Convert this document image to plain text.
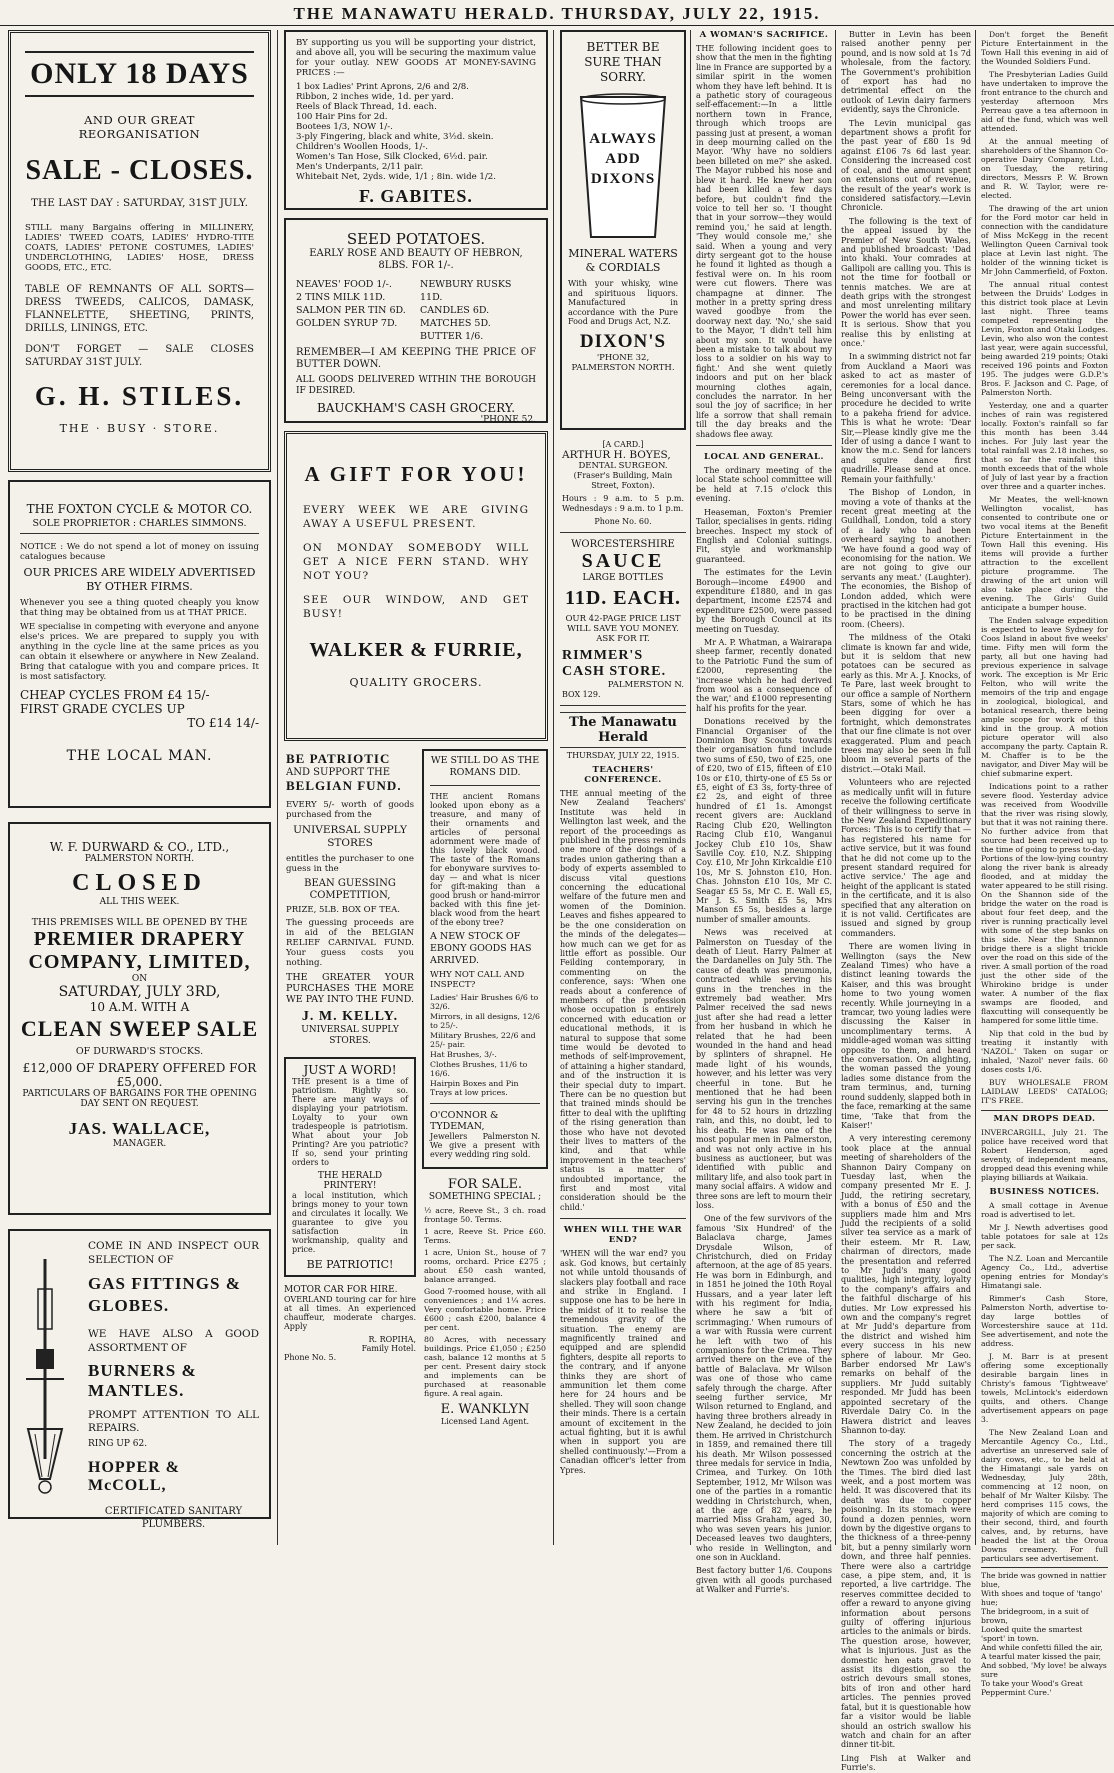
THE MANAWATU HERALD. THURSDAY, JULY 22, 1915.
ONLY 18 DAYS
AND OUR GREAT REORGANISATION
SALE - CLOSES.
THE LAST DAY : SATURDAY, 31ST JULY.

STILL many Bargains offering in MILLINERY, LADIES' TWEED COATS, LADIES' HYDRO-TITE COATS, LADIES' PETONE COSTUMES, LADIES' UNDERCLOTHING, LADIES' HOSE, DRESS GOODS, ETC., ETC.

TABLE OF REMNANTS OF ALL SORTS—DRESS TWEEDS, CALICOS, DAMASK, FLANNELETTE, SHEETING, PRINTS, DRILLS, LININGS, ETC.

DON'T FORGET — SALE CLOSES SATURDAY 31ST JULY.

G. H. STILES.
THE · BUSY · STORE.
THE FOXTON CYCLE & MOTOR CO.
SOLE PROPRIETOR : CHARLES SIMMONS.

NOTICE : We do not spend a lot of money on issuing catalogues because

OUR PRICES ARE WIDELY ADVERTISED BY OTHER FIRMS.

Whenever you see a thing quoted cheaply you know that thing may be obtained from us at THAT PRICE.

WE specialise in competing with everyone and anyone else's prices. We are prepared to supply you with anything in the cycle line at the same prices as you can obtain it elsewhere or anywhere in New Zealand. Bring that catalogue with you and compare prices. It is most satisfactory.

CHEAP CYCLES FROM £4 15/-
FIRST GRADE CYCLES UP
TO £14 14/-
THE LOCAL MAN.
W. F. DURWARD & CO., LTD.,
PALMERSTON NORTH.
CLOSED
ALL THIS WEEK.
THIS PREMISES WILL BE OPENED BY THE
PREMIER DRAPERY COMPANY, LIMITED,
ON
SATURDAY, JULY 3RD,
10 A.M. WITH A
CLEAN SWEEP SALE
OF DURWARD'S STOCKS.
£12,000 OF DRAPERY OFFERED FOR £5,000.
PARTICULARS OF BARGAINS FOR THE OPENING DAY SENT ON REQUEST.
JAS. WALLACE,
MANAGER.

COME IN AND INSPECT OUR SELECTION OF

GAS FITTINGS & GLOBES.

WE HAVE ALSO A GOOD ASSORTMENT OF

BURNERS & MANTLES.

PROMPT ATTENTION TO ALL REPAIRS.

RING UP 62.
HOPPER & McCOLL,

CERTIFICATED SANITARY PLUMBERS.

BY supporting us you will be supporting your district, and above all, you will be securing the maximum value for your outlay. NEW GOODS AT MONEY-SAVING PRICES :—

1 box Ladies' Print Aprons, 2/6 and 2/8.
Ribbon, 2 inches wide, 1d. per yard.
Reels of Black Thread, 1d. each.
100 Hair Pins for 2d.
Bootees 1/3, NOW 1/-.
3-ply Fingering, black and white, 3½d. skein.
Children's Woollen Hoods, 1/-.
Women's Tan Hose, Silk Clocked, 6½d. pair.
Men's Underpants, 2/11 pair.
Whitebait Net, 2yds. wide, 1/1 ; 8in. wide 1/2.
F. GABITES.
SEED POTATOES.
EARLY ROSE AND BEAUTY OF HEBRON, 8LBS. FOR 1/-.
NEAVES' FOOD 1/-.
2 TINS MILK 11D.
SALMON PER TIN 6D.
GOLDEN SYRUP 7D.
NEWBURY RUSKS 11D.
CANDLES 6D.
MATCHES 5D.
BUTTER 1/6.

REMEMBER—I AM KEEPING THE PRICE OF BUTTER DOWN.

ALL GOODS DELIVERED WITHIN THE BOROUGH IF DESIRED.

BAUCKHAM'S CASH GROCERY.
'PHONE 52.
A GIFT FOR YOU!

EVERY WEEK WE ARE GIVING AWAY A USEFUL PRESENT.

ON MONDAY SOMEBODY WILL GET A NICE FERN STAND. WHY NOT YOU?

SEE OUR WINDOW, AND GET BUSY!

WALKER & FURRIE,
QUALITY GROCERS.
BE PATRIOTIC
AND SUPPORT THE
BELGIAN FUND.

EVERY 5/- worth of goods purchased from the

UNIVERSAL SUPPLY STORES

entitles the purchaser to one guess in the

BEAN GUESSING COMPETITION,
PRIZE, 5LB. BOX OF TEA.

The guessing proceeds are in aid of the BELGIAN RELIEF CARNIVAL FUND. Your guess costs you nothing.

THE GREATER YOUR PURCHASES THE MORE WE PAY INTO THE FUND.

J. M. KELLY.
UNIVERSAL SUPPLY STORES.
JUST A WORD!

THE present is a time of patriotism. Rightly so. There are many ways of displaying your patriotism. Loyalty to your own tradespeople is patriotism. What about your Job Printing? Are you patriotic? If so, send your printing orders to

THE HERALD PRINTERY!

a local institution, which brings money to your town and circulates it locally. We guarantee to give you satisfaction in workmanship, quality and price.

BE PATRIOTIC!
MOTOR CAR FOR HIRE.

OVERLAND touring car for hire at all times. An experienced chauffeur, moderate charges. Apply

R. ROPIHA,
Family Hotel.
Phone No. 5.
WE STILL DO AS THE ROMANS DID.

THE ancient Romans looked upon ebony as a treasure, and many of their ornaments and articles of personal adornment were made of this lovely black wood. The taste of the Romans for ebonyware survives to-day — and what is nicer for gift-making than a good brush or hand-mirror backed with this fine jet-black wood from the heart of the ebony tree?

A NEW STOCK OF EBONY GOODS HAS ARRIVED.
WHY NOT CALL AND INSPECT?
Ladies' Hair Brushes 6/6 to 32/6.
Mirrors, in all designs, 12/6 to 25/-.
Military Brushes, 22/6 and 25/- pair.
Hat Brushes, 3/-.
Clothes Brushes, 11/6 to 16/6.
Hairpin Boxes and Pin Trays at low prices.
O'CONNOR & TYDEMAN,
Jewellers Palmerston N.

We give a present with every wedding ring sold.

FOR SALE.
SOMETHING SPECIAL ;
½ acre, Reeve St., 3 ch. road frontage 50. Terms.
1 acre, Reeve St. Price £60. Terms.
1 acre, Union St., house of 7 rooms, orchard. Price £275 ; about £50 cash wanted, balance arranged.
Good 7-roomed house, with all conveniences ; and 1¼ acres. Very comfortable home. Price £600 ; cash £200, balance 4 per cent.
80 Acres, with necessary buildings. Price £1,050 ; £250 cash, balance 12 months at 5 per cent. Present dairy stock and implements can be purchased at reasonable figure. A real again.
E. WANKLYN
Licensed Land Agent.
BETTER BE SURE THAN SORRY.
ALWAYS ADD DIXONS
MINERAL WATERS & CORDIALS

With your whisky, wine and spirituous liquors. Manufactured in accordance with the Pure Food and Drugs Act, N.Z.

DIXON'S
'PHONE 32,
PALMERSTON NORTH.
[A CARD.]
ARTHUR H. BOYES,
DENTAL SURGEON.

(Fraser's Building, Main Street, Foxton).

Hours : 9 a.m. to 5 p.m. Wednesdays : 9 a.m. to 1 p.m.

Phone No. 60.
WORCESTERSHIRE
SAUCE
LARGE BOTTLES
11D. EACH.

OUR 42-PAGE PRICE LIST WILL SAVE YOU MONEY. ASK FOR IT.

RIMMER'S CASH STORE.
PALMERSTON N.
BOX 129.
The Manawatu Herald
THURSDAY, JULY 22, 1915.
TEACHERS' CONFERENCE.

THE annual meeting of the New Zealand Teachers' Institute was held in Wellington last week, and the report of the proceedings as published in the press reminds one more of the doings of a trades union gathering than a body of experts assembled to discuss vital questions concerning the educational welfare of the future men and women of the Dominion. Leaves and fishes appeared to be the one consideration on the minds of the delegates—how much can we get for as little effort as possible. Our Feilding contemporary, in commenting on the conference, says: 'When one reads about a conference of members of the profession whose occupation is entirely concerned with education or educational methods, it is natural to suppose that some time would be devoted to methods of self-improvement, of attaining a higher standard, and of the instruction it is their special duty to impart. There can be no question but that trained minds should be fitter to deal with the uplifting of the rising generation than those who have not devoted their lives to matters of the kind, and that while improvement in the teachers' status is a matter of undoubted importance, the first and most vital consideration should be the child.'

WHEN WILL THE WAR END?

'WHEN will the war end? you ask. God knows, but certainly not while untold thousands of slackers play football and race and strike in England. I suppose one has to be here in the midst of it to realise the tremendous gravity of the situation. The enemy are magnificently trained and equipped and are splendid fighters, despite all reports to the contrary, and if anyone thinks they are short of ammunition let them come here for 24 hours and be shelled. They will soon change their minds. There is a certain amount of excitement in the actual fighting, but it is awful when in support you are shelled continuously.'—From a Canadian officer's letter from Ypres.

A WOMAN'S SACRIFICE.

THE following incident goes to show that the men in the fighting line in France are supported by a similar spirit in the women whom they have left behind. It is a pathetic story of courageous self-effacement:—In a little northern town in France, through which troops are passing just at present, a woman in deep mourning called on the Mayor. 'Why have no soldiers been billeted on me?' she asked. The Mayor rubbed his nose and blew it hard. He knew her son had been killed a few days before, but couldn't find the voice to tell her so. 'I thought that in your sorrow—they would remind you,' he said at length. 'They would console me,' she said. When a young and very dirty sergeant got to the house he found it lighted as though a festival were on. In his room were cut flowers. There was champagne at dinner. The mother in a pretty spring dress waved goodbye from the doorway next day. 'No,' she said to the Mayor, 'I didn't tell him about my son. It would have been a mistake to talk about my loss to a soldier on his way to fight.' And she went quietly indoors and put on her black mourning clothes again, concludes the narrator. In her soul the joy of sacrifice; in her life a sorrow that shall remain till the day breaks and the shadows flee away.

LOCAL AND GENERAL.

The ordinary meeting of the local State school committee will be held at 7.15 o'clock this evening.

Heaseman, Foxton's Premier Tailor, specialises in gents. riding breeches. Inspect my stock of English and Colonial suitings. Fit, style and workmanship guaranteed.

The estimates for the Levin Borough—income £4900 and expenditure £1880, and in gas department, income £2574 and expenditure £2500, were passed by the Borough Council at its meeting on Tuesday.

Mr A. P. Whatman, a Wairarapa sheep farmer, recently donated to the Patriotic Fund the sum of £2000, representing the 'increase which he had derived from wool as a consequence of the war,' and £1000 representing half his profits for the year.

Donations received by the Financial Organiser of the Dominion Boy Scouts towards their organisation fund include two sums of £50, two of £25, one of £20, two of £15, fifteen of £10 10s or £10, thirty-one of £5 5s or £5, eight of £3 3s, forty-three of £2 2s, and eight of three hundred of £1 1s. Amongst recent givers are: Auckland Racing Club £20, Wellington Racing Club £10, Wanganui Jockey Club £10 10s, Shaw Saville Coy. £10, N.Z. Shipping Coy. £10, Mr John Kirkcaldie £10 10s, Mr S. Johnston £10, Hon. Chas. Johnston £10 10s, Mr C. Seagar £5 5s, Mr C. E. Wall £5, Mr J. S. Smith £5 5s, Mrs Manson £5 5s, besides a large number of smaller amounts.

News was received at Palmerston on Tuesday of the death of Lieut. Harry Palmer at the Dardanelles on July 5th. The cause of death was pneumonia, contracted while serving his guns in the trenches in the extremely bad weather. Mrs Palmer received the sad news just after she had read a letter from her husband in which he related that he had been wounded in the hand and head by splinters of shrapnel. He made light of his wounds, however, and his letter was very cheerful in tone. But he mentioned that he had been serving his gun in the trenches for 48 to 52 hours in drizzling rain, and this, no doubt, led to his death. He was one of the most popular men in Palmerston, and was not only active in his business as auctioneer, but was identified with public and military life, and also took part in many social affairs. A widow and three sons are left to mourn their loss.

One of the few survivors of the famous 'Six Hundred' of the Balaclava charge, James Drysdale Wilson, of Christchurch, died on Friday afternoon, at the age of 85 years. He was born in Edinburgh, and in 1851 he joined the 10th Royal Hussars, and a year later left with his regiment for India, where he saw a 'bit of scrimmaging.' When rumours of a war with Russia were current he left with two of his companions for the Crimea. They arrived there on the eve of the battle of Balaclava. Mr Wilson was one of those who came safely through the charge. After seeing further service, Mr Wilson returned to England, and having three brothers already in New Zealand, he decided to join them. He arrived in Christchurch in 1859, and remained there till his death. Mr Wilson possessed three medals for service in India, Crimea, and Turkey. On 10th September, 1912, Mr Wilson was one of the parties in a romantic wedding in Christchurch, when, at the age of 82 years, he married Miss Graham, aged 30, who was seven years his junior. Deceased leaves two daughters, who reside in Wellington, and one son in Auckland.

Best factory butter 1/6. Coupons given with all goods purchased at Walker and Furrie's.

Butter in Levin has been raised another penny per pound, and is now sold at 1s 7d wholesale, from the factory. The Government's prohibition of export has had no detrimental effect on the outlook of Levin dairy farmers evidently, says the Chronicle.

The Levin municipal gas department shows a profit for the past year of £80 1s 9d against £106 7s 6d last year. Considering the increased cost of coal, and the amount spent on extensions out of revenue, the result of the year's work is considered satisfactory.—Levin Chronicle.

The following is the text of the appeal issued by the Premier of New South Wales, and published broadcast: 'Dad into khaki. Your comrades at Gallipoli are calling you. This is not the time for football or tennis matches. We are at death grips with the strongest and most unrelenting military Power the world has ever seen. It is serious. Show that you realise this by enlisting at once.'

In a swimming district not far from Auckland a Maori was asked to act as master of ceremonies for a local dance. Being unconversant with the procedure he decided to write to a pakeha friend for advice. This is what he wrote: 'Dear Sir,—Please kindly give me the Ider of using a dance I want to know the m.c. Send for lancers and squire dance first quadrille. Please send at once. Remain your faithfully.'

The Bishop of London, in moving a vote of thanks at the recent great meeting at the Guildhall, London, told a story of a lady who had been overheard saying to another: 'We have found a good way of economising for the nation. We are not going to give our servants any meat.' (Laughter). The economies, the Bishop of London added, which were practised in the kitchen had got to be practised in the dining room. (Cheers).

The mildness of the Otaki climate is known far and wide, but it is seldom that new potatoes can be secured as early as this. Mr A. J. Knocks, of Te Pare, last week brought to our office a sample of Northern Stars, some of which he has been digging for over a fortnight, which demonstrates that our fine climate is not over exaggerated. Plum and peach trees may also be seen in full bloom in several parts of the district.—Otaki Mail.

Volunteers who are rejected as medically unfit will in future receive the following certificate of their willingness to serve in the New Zealand Expeditionary Forces: 'This is to certify that — has registered his name for active service, but it was found that he did not come up to the present standard required for active service.' The age and height of the applicant is stated in the certificate, and it is also specified that any alteration on it is not valid. Certificates are issued and signed by group commanders.

There are women living in Wellington (says the New Zealand Times) who have a distinct leaning towards the Kaiser, and this was brought home to two young women recently. While journeying in a tramcar, two young ladies were discussing the Kaiser in uncomplimentary terms. A middle-aged woman was sitting opposite to them, and heard the conversation. On alighting, the woman passed the young ladies some distance from the tram terminus, and, turning round suddenly, slapped both in the face, remarking at the same time, 'Take that from the Kaiser!'

A very interesting ceremony took place at the annual meeting of shareholders of the Shannon Dairy Company on Tuesday last, when the company presented Mr E. J. Judd, the retiring secretary, with a bonus of £50 and the suppliers made him and Mrs Judd the recipients of a solid silver tea service as a mark of their esteem. Mr R. Law, chairman of directors, made the presentation and referred to Mr Judd's many good qualities, high integrity, loyalty to the company's affairs and the faithful discharge of his duties. Mr Low expressed his own and the company's regret at Mr Judd's departure from the district and wished him every success in his new sphere of labour. Mr Geo. Barber endorsed Mr Law's remarks on behalf of the suppliers. Mr Judd suitably responded. Mr Judd has been appointed secretary of the Riverdale Dairy Co. in the Hawera district and leaves Shannon to-day.

The story of a tragedy concerning the ostrich at the Newtown Zoo was unfolded by the Times. The bird died last week, and a post mortem was held. It was discovered that its death was due to copper poisoning. In its stomach were found a dozen pennies, worn down by the digestive organs to the thickness of a three-penny bit, but a penny similarly worn down, and three half pennies. There were also a cartridge case, a pipe stem, and, it is reported, a live cartridge. The reserves committee decided to offer a reward to anyone giving information about persons guilty of offering injurious articles to the animals or birds. The question arose, however, what is injurious. Just as the domestic hen eats gravel to assist its digestion, so the ostrich devours small stones, bits of iron and other hard articles. The pennies proved fatal, but it is questionable how far a visitor would be liable should an ostrich swallow his watch and chain for an after dinner tit-bit.

Ling Fish at Walker and Furrie's.

Don't forget the Benefit Picture Entertainment in the Town Hall this evening in aid of the Wounded Soldiers Fund.

The Presbyterian Ladies Guild have undertaken to improve the front entrance to the church and yesterday afternoon Mrs Perreau gave a tea afternoon in aid of the fund, which was well attended.

At the annual meeting of shareholders of the Shannon Co-operative Dairy Company, Ltd., on Tuesday, the retiring directors, Messrs P. W. Brown and R. W. Taylor, were re-elected.

The drawing of the art union for the Ford motor car held in connection with the candidature of Miss McKegg in the recent Wellington Queen Carnival took place at Levin last night. The holder of the winning ticket is Mr John Cammerfield, of Foxton.

The annual ritual contest between the Druids' Lodges in this district took place at Levin last night. Three teams competed representing the Levin, Foxton and Otaki Lodges. Levin, who also won the contest last year, were again successful, being awarded 219 points; Otaki received 196 points and Foxton 195. The judges were G.D.P.'s Bros. F. Jackson and C. Page, of Palmerston North.

Yesterday, one and a quarter inches of rain was registered locally. Foxton's rainfall so far this month has been 3.44 inches. For July last year the total rainfall was 2.18 inches, so that so far the rainfall this month exceeds that of the whole of July of last year by a fraction over three and a quarter inches.

Mr Meates, the well-known Wellington vocalist, has consented to contribute one or two vocal items at the Benefit Picture Entertainment in the Town Hall this evening. His items will provide a further attraction to the excellent picture programme. The drawing of the art union will also take place during the evening. The Girls' Guild anticipate a bumper house.

The Enden salvage expedition is expected to leave Sydney for Coos Island in about five weeks' time. Fifty men will form the party, all but one having had previous experience in salvage work. The exception is Mr Eric Felton, who will write the memoirs of the trip and engage in zoological, biological, and botanical research, there being ample scope for work of this kind in the group. A motion picture operator will also accompany the party. Captain R. M. Chaffer is to be the navigator, and Diver May will be chief submarine expert.

Indications point to a rather severe flood. Yesterday advice was received from Woodville that the river was rising slowly, but that it was not raining there. No further advice from that source had been received up to the time of going to press to-day. Portions of the low-lying country along the river bank is already flooded, and at midday the water appeared to be still rising. On the Shannon side of the bridge the water on the road is about four feet deep, and the river is running practically level with some of the step banks on this side. Near the Shannon bridge there is a slight trickle over the road on this side of the river. A small portion of the road just the other side of the Whirokino bridge is under water. A number of the flax swamps are flooded, and flaxcutting will consequently be hampered for some little time.

Nip that cold in the bud by treating it instantly with 'NAZOL.' Taken on sugar or inhaled, 'Nazol' never fails. 60 doses costs 1/6.

BUY WHOLESALE FROM LAIDLAW LEEDS' CATALOG; IT'S FREE.

MAN DROPS DEAD.

INVERCARGILL, July 21. The police have received word that Robert Henderson, aged seventy, of independent means, dropped dead this evening while playing billiards at Waikaia.

BUSINESS NOTICES.

A small cottage in Avenue road is advertised to let.

Mr J. Newth advertises good table potatoes for sale at 12s per sack.

The N.Z. Loan and Mercantile Agency Co., Ltd., advertise opening entries for Monday's Himatangi sale.

Rimmer's Cash Store, Palmerston North, advertise to-day large bottles of Worcestershire sauce at 11d. See advertisement, and note the address.

J. M. Barr is at present offering some exceptionally desirable bargain lines in Christy's famous 'Tightweave' towels, McLintock's eiderdown quilts, and others. Change advertisement appears on page 3.

The New Zealand Loan and Mercantile Agency Co., Ltd., advertise an unreserved sale of dairy cows, etc., to be held at the Himatangi sale yards on Wednesday, July 28th, commencing at 12 noon, on behalf of Mr Walter Kilsby. The herd comprises 115 cows, the majority of which are coming to their second, third, and fourth calves, and, by returns, have headed the list at the Oroua Downs creamery. For full particulars see advertisement.

The bride was gowned in nattier blue,
With shoes and toque of 'tango' hue;
The bridegroom, in a suit of brown,
Looked quite the smartest 'sport' in town.
And while confetti filled the air,
A tearful mater kissed the pair,
And sobbed, 'My love! be always sure
To take your Wood's Great Peppermint Cure.'
